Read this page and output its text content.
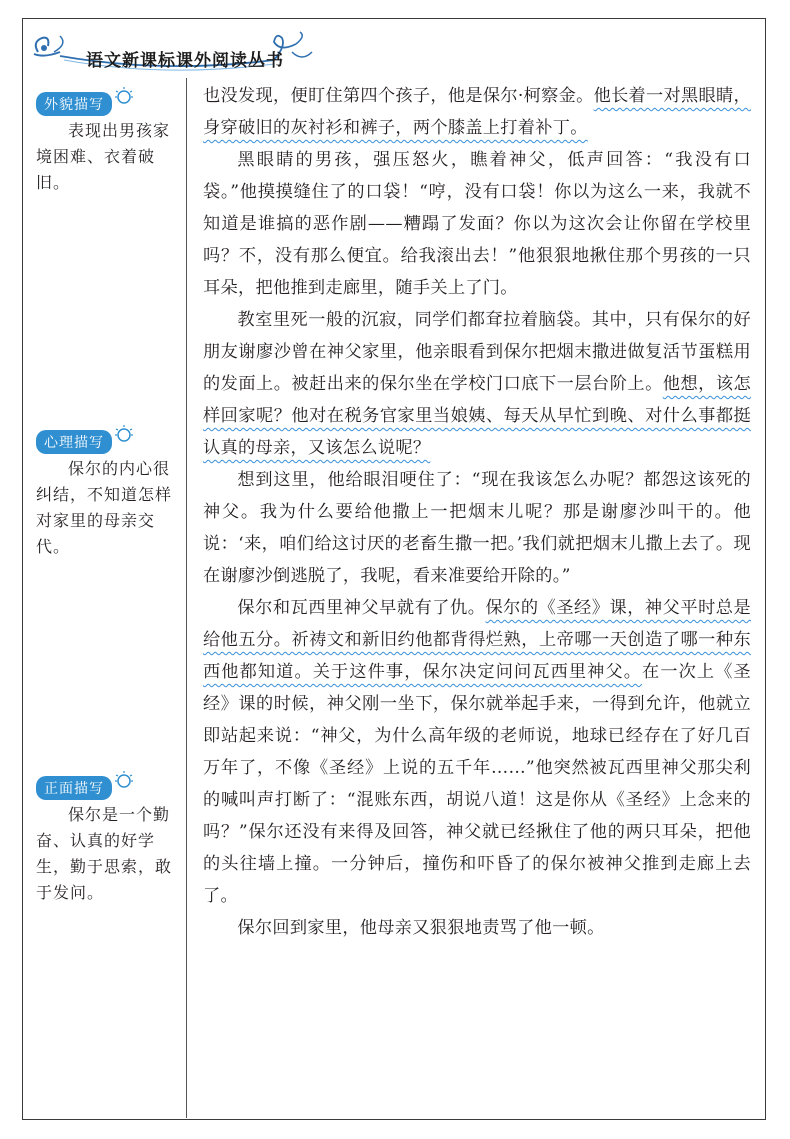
语文新课标课外阅读丛书
外貌描写
表现出男孩家境困难、衣着破旧。
心理描写
保尔的内心很纠结，不知道怎样对家里的母亲交代。
正面描写
保尔是一个勤奋、认真的好学生，勤于思索，敢于发问。

也没发现，便盯住第四个孩子，他是保尔·柯察金。他长着一对黑眼睛，身穿破旧的灰衬衫和裤子，两个膝盖上打着补丁。

黑眼睛的男孩，强压怒火，瞧着神父，低声回答：“我没有口袋。”他摸摸缝住了的口袋！“哼，没有口袋！你以为这么一来，我就不知道是谁搞的恶作剧——糟蹋了发面？你以为这次会让你留在学校里吗？不，没有那么便宜。给我滚出去！”他狠狠地揪住那个男孩的一只耳朵，把他推到走廊里，随手关上了门。

教室里死一般的沉寂，同学们都耷拉着脑袋。其中，只有保尔的好朋友谢廖沙曾在神父家里，他亲眼看到保尔把烟末撒进做复活节蛋糕用的发面上。被赶出来的保尔坐在学校门口底下一层台阶上。他想，该怎样回家呢？他对在税务官家里当娘姨、每天从早忙到晚、对什么事都挺认真的母亲，又该怎么说呢？

想到这里，他给眼泪哽住了：“现在我该怎么办呢？都怨这该死的神父。我为什么要给他撒上一把烟末儿呢？那是谢廖沙叫干的。他说：‘来，咱们给这讨厌的老畜生撒一把。’我们就把烟末儿撒上去了。现在谢廖沙倒逃脱了，我呢，看来准要给开除的。”

保尔和瓦西里神父早就有了仇。保尔的《圣经》课，神父平时总是给他五分。祈祷文和新旧约他都背得烂熟，上帝哪一天创造了哪一种东西他都知道。关于这件事，保尔决定问问瓦西里神父。在一次上《圣经》课的时候，神父刚一坐下，保尔就举起手来，一得到允许，他就立即站起来说：“神父，为什么高年级的老师说，地球已经存在了好几百万年了，不像《圣经》上说的五千年……”他突然被瓦西里神父那尖利的喊叫声打断了：“混账东西，胡说八道！这是你从《圣经》上念来的吗？”保尔还没有来得及回答，神父就已经揪住了他的两只耳朵，把他的头往墙上撞。一分钟后，撞伤和吓昏了的保尔被神父推到走廊上去了。

保尔回到家里，他母亲又狠狠地责骂了他一顿。
